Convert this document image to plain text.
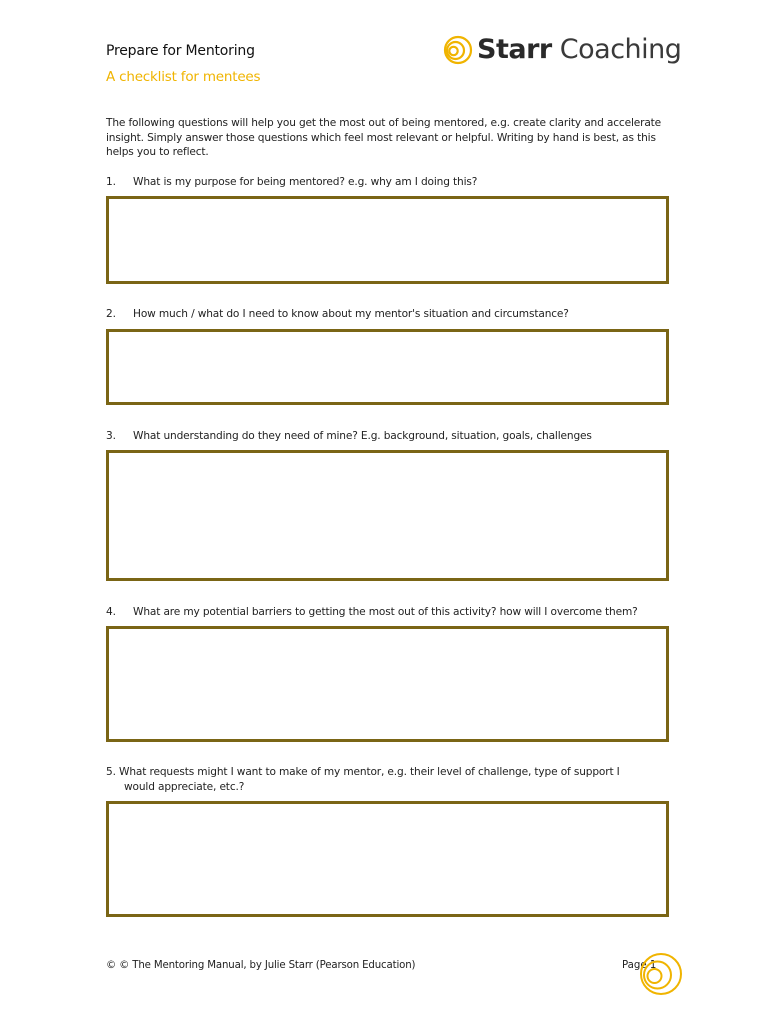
Prepare for Mentoring
A checklist for mentees
Starr Coaching
The following questions will help you get the most out of being mentored, e.g. create clarity and accelerate insight. Simply answer those questions which feel most relevant or helpful. Writing by hand is best, as this helps you to reflect.
1. What is my purpose for being mentored? e.g. why am I doing this?
2. How much / what do I need to know about my mentor's situation and circumstance?
3. What understanding do they need of mine? E.g. background, situation, goals, challenges
4. What are my potential barriers to getting the most out of this activity? how will I overcome them?
5. What requests might I want to make of my mentor, e.g. their level of challenge, type of support I
would appreciate, etc.?
© © The Mentoring Manual, by Julie Starr (Pearson Education)	Page 1
